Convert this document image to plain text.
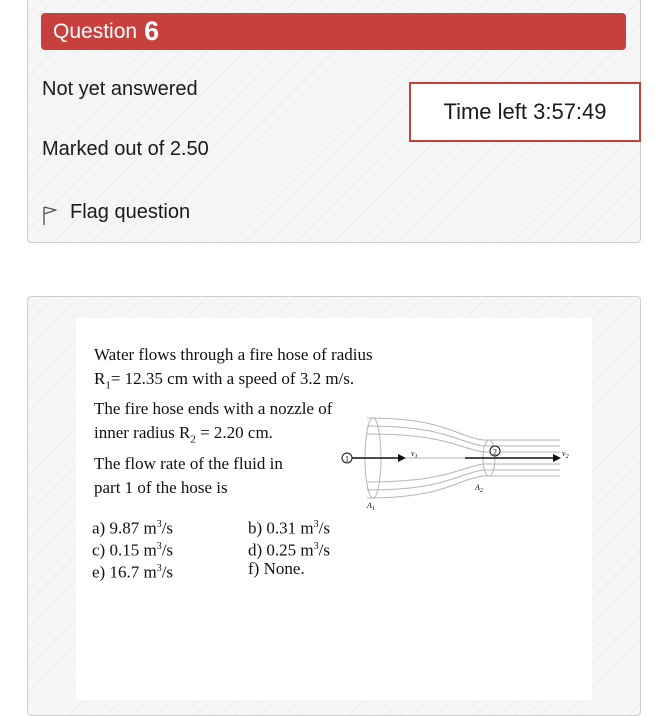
Question 6
Not yet answered
Marked out of 2.50
Flag question
Time left 3:57:49
Water flows through a fire hose of radius
$R_1= 12.35$ cm with a speed of 3.2 m/s.
The fire hose ends with a nozzle of
inner radius $R_2 = 2.20$ cm.
The flow rate of the fluid in
part 1 of the hose is
1
2
$v_1$	$v_2$
$A_1$
$A_2$
a) 9.87 $m^3/s$	b) 0.31 $m^3/s$
c) 0.15 $m^3/s$	d) 0.25 $m^3/s$
e) 16.7 $m^3/s$	f) None.
